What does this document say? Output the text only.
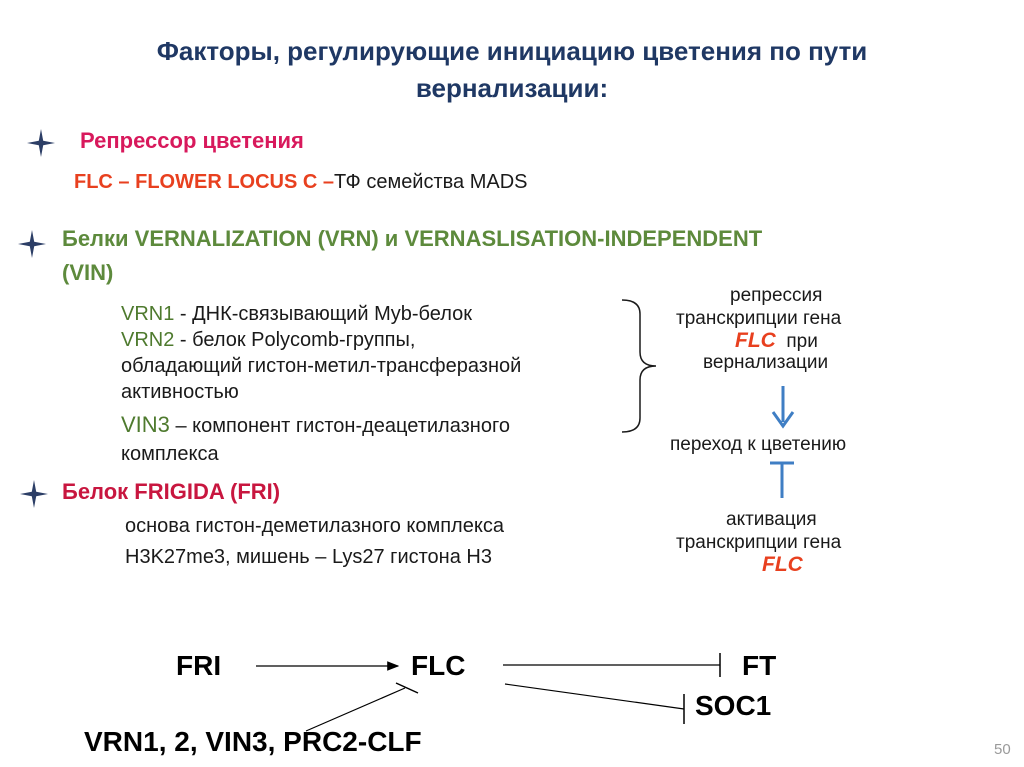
Факторы, регулирующие инициацию цветения по пути
вернализации:
Репрессор цветения
FLC – FLOWER LOCUS C –ТФ семейства MADS
Белки VERNALIZATION (VRN) и VERNASLISATION-INDEPENDENT
(VIN)
VRN1 - ДНК-связывающий Myb-белок
VRN2 - белок Polycomb-группы,
обладающий гистон-метил-трансферазной
активностью
VIN3 – компонент гистон-деацетилазного
комплекса
Белок FRIGIDA (FRI)
основа гистон-деметилазного комплекса
H3K27me3, мишень – Lys27 гистона H3
репрессия
транскрипции гена
FLC при
вернализации
переход к цветению
активация
транскрипции гена
FLC
FRI	FLC	FT
SOC1
VRN1, 2, VIN3, PRC2-CLF	50
